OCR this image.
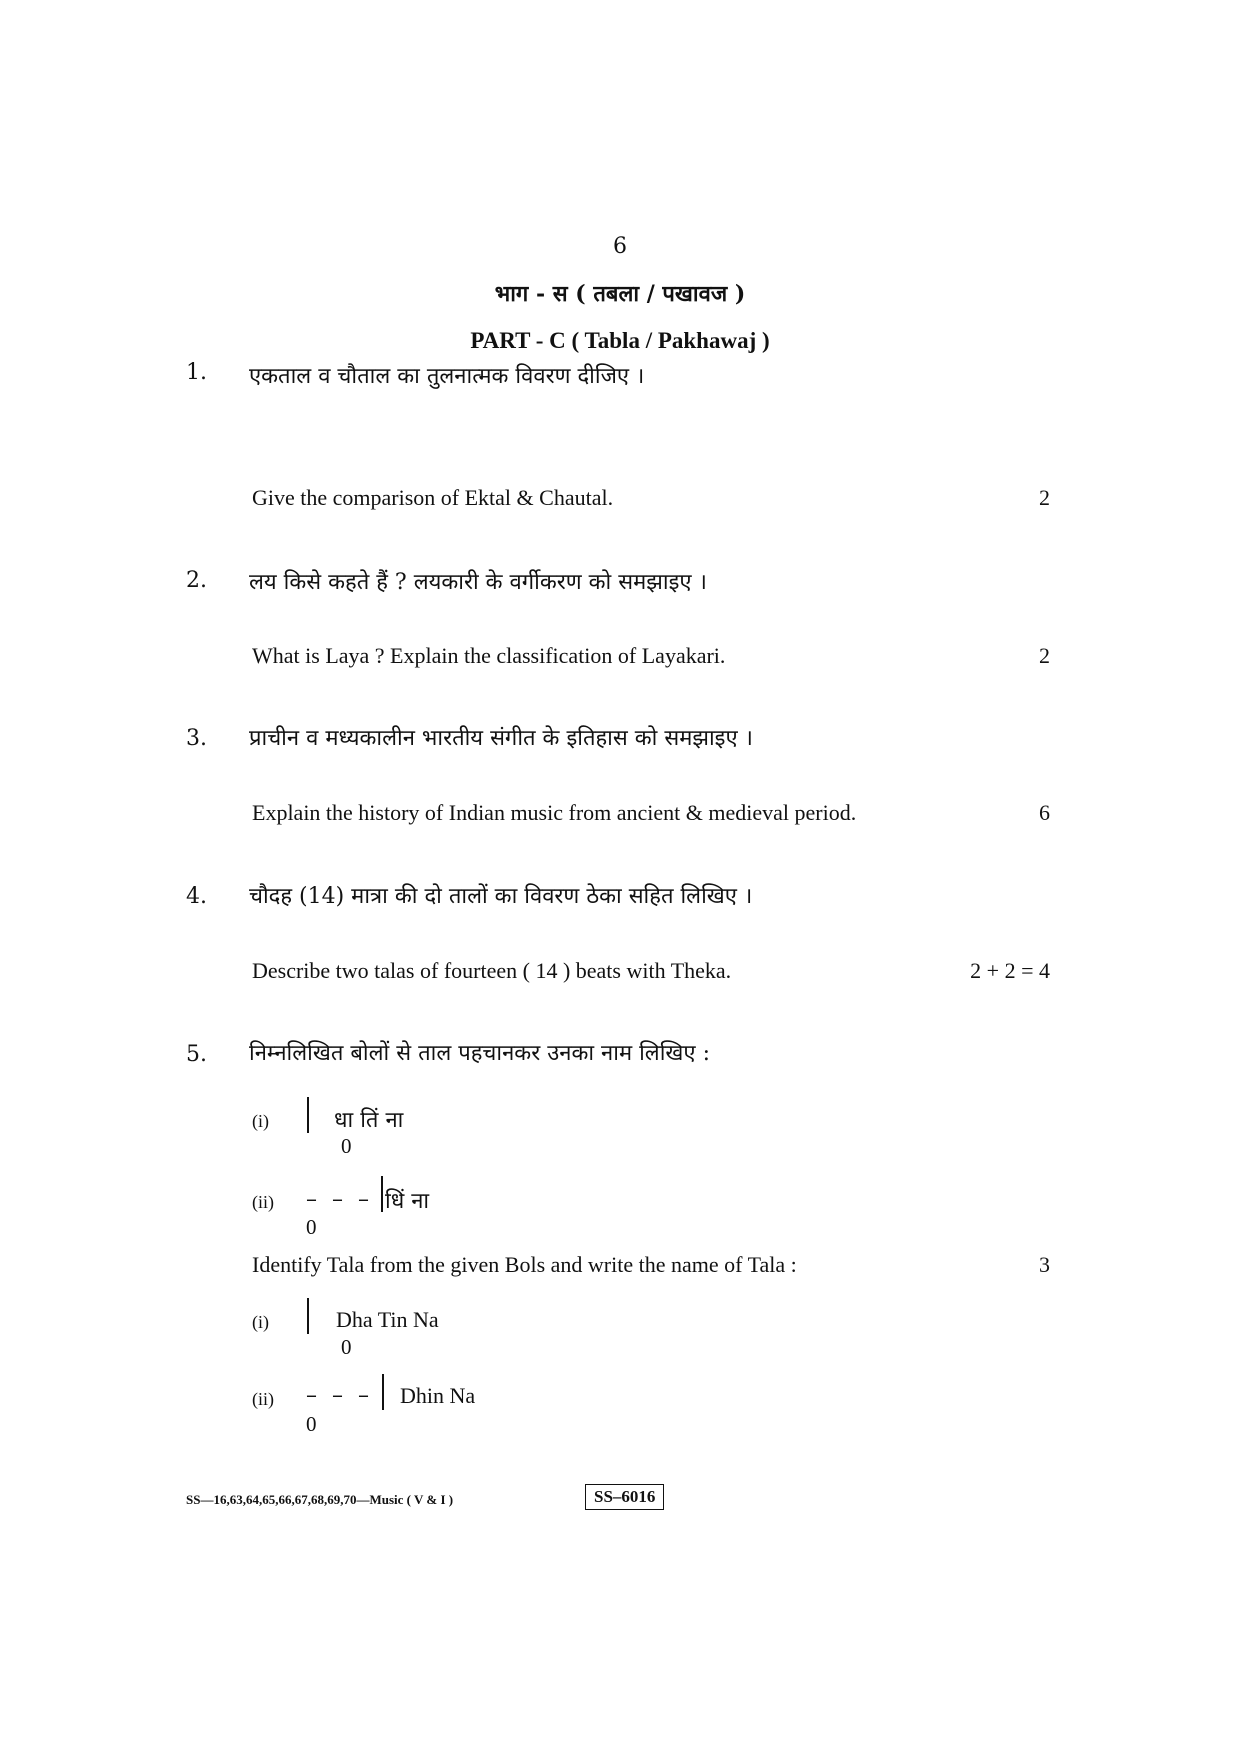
6
भाग - स ( तबला / पखावज )
PART - C ( Tabla / Pakhawaj )
1. एकताल व चौताल का तुलनात्मक विवरण दीजिए ।
Give the comparison of Ektal & Chautal.	2
2. लय किसे कहते हैं ? लयकारी के वर्गीकरण को समझाइए ।
What is Laya ? Explain the classification of Layakari.	2
3. प्राचीन व मध्यकालीन भारतीय संगीत के इतिहास को समझाइए ।
Explain the history of Indian music from ancient & medieval period.	6
4. चौदह (14) मात्रा की दो तालों का विवरण ठेका सहित लिखिए ।
Describe two talas of fourteen ( 14 ) beats with Theka.	2 + 2 = 4
5. निम्नलिखित बोलों से ताल पहचानकर उनका नाम लिखिए :
(i)	धा तिं ना
0
(ii) – – – धिं ना
0
Identify Tala from the given Bols and write the name of Tala :	3
(i)	Dha Tin Na
0
(ii) – – – Dhin Na
0
SS—16,63,64,65,66,67,68,69,70—Music ( V & I )	SS–6016
